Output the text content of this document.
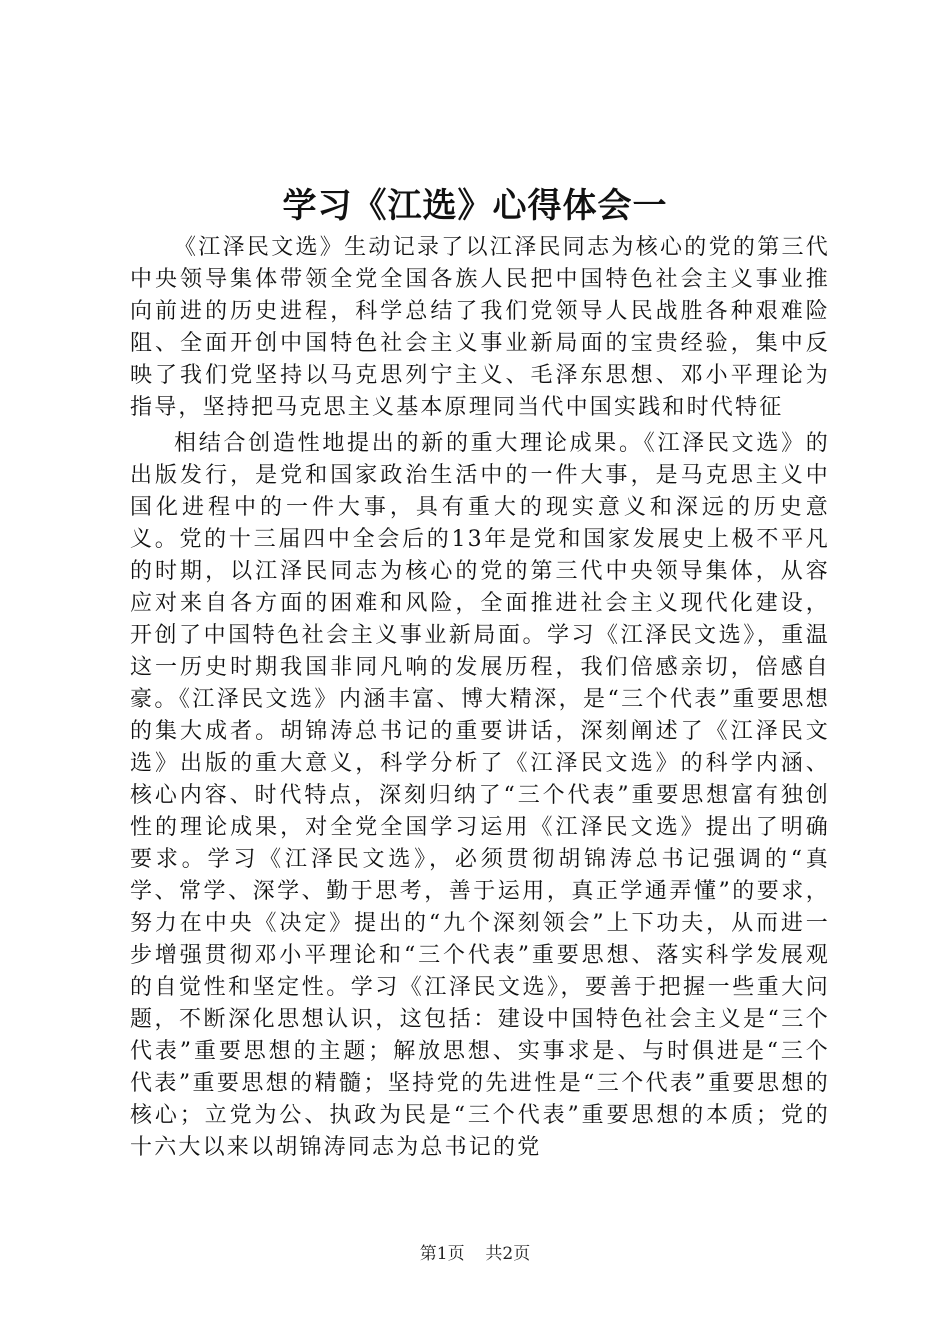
学习《江选》心得体会一

《江泽民文选》生动记录了以江泽民同志为核心的党的第三代中央领导集体带领全党全国各族人民把中国特色社会主义事业推向前进的历史进程，科学总结了我们党领导人民战胜各种艰难险阻、全面开创中国特色社会主义事业新局面的宝贵经验，集中反映了我们党坚持以马克思列宁主义、毛泽东思想、邓小平理论为指导，坚持把马克思主义基本原理同当代中国实践和时代特征

相结合创造性地提出的新的重大理论成果。《江泽民文选》的出版发行，是党和国家政治生活中的一件大事，是马克思主义中国化进程中的一件大事，具有重大的现实意义和深远的历史意义。党的十三届四中全会后的13年是党和国家发展史上极不平凡的时期，以江泽民同志为核心的党的第三代中央领导集体，从容应对来自各方面的困难和风险，全面推进社会主义现代化建设，开创了中国特色社会主义事业新局面。学习《江泽民文选》，重温这一历史时期我国非同凡响的发展历程，我们倍感亲切，倍感自豪。《江泽民文选》内涵丰富、博大精深，是“三个代表”重要思想的集大成者。胡锦涛总书记的重要讲话，深刻阐述了《江泽民文选》出版的重大意义，科学分析了《江泽民文选》的科学内涵、核心内容、时代特点，深刻归纳了“三个代表”重要思想富有独创性的理论成果，对全党全国学习运用《江泽民文选》提出了明确要求。学习《江泽民文选》，必须贯彻胡锦涛总书记强调的“真学、常学、深学、勤于思考，善于运用，真正学通弄懂”的要求，努力在中央《决定》提出的“九个深刻领会”上下功夫，从而进一步增强贯彻邓小平理论和“三个代表”重要思想、落实科学发展观的自觉性和坚定性。学习《江泽民文选》，要善于把握一些重大问题，不断深化思想认识，这包括：建设中国特色社会主义是“三个代表”重要思想的主题；解放思想、实事求是、与时俱进是“三个代表”重要思想的精髓；坚持党的先进性是“三个代表”重要思想的核心；立党为公、执政为民是“三个代表”重要思想的本质；党的十六大以来以胡锦涛同志为总书记的党

第1页 共2页
